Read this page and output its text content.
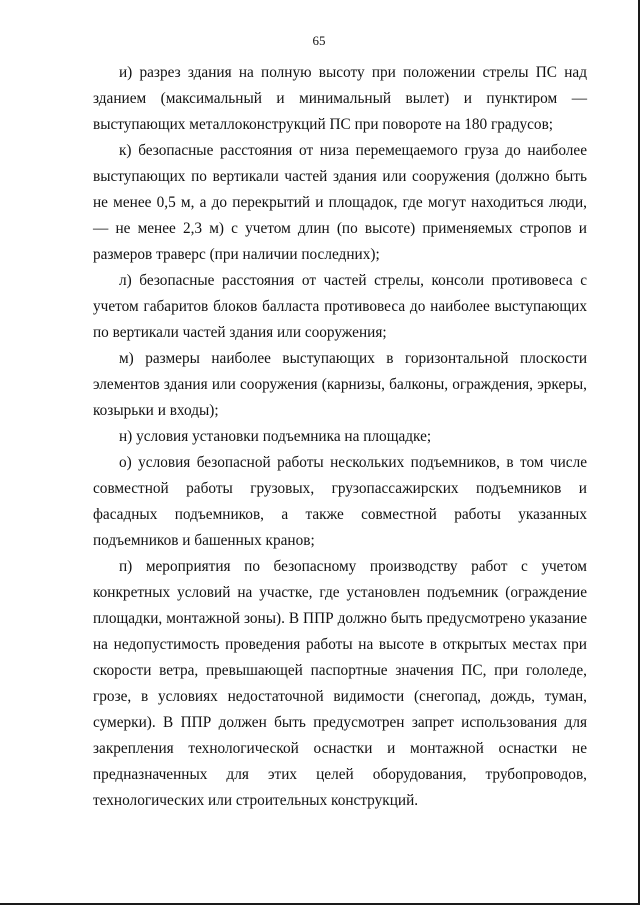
65

и) разрез здания на полную высоту при положении стрелы ПС над зданием (максимальный и минимальный вылет) и пунктиром — выступающих металлоконструкций ПС при повороте на 180 градусов;

к) безопасные расстояния от низа перемещаемого груза до наиболее выступающих по вертикали частей здания или сооружения (должно быть не менее 0,5 м, а до перекрытий и площадок, где могут находиться люди, — не менее 2,3 м) с учетом длин (по высоте) применяемых стропов и размеров траверс (при наличии последних);

л) безопасные расстояния от частей стрелы, консоли противовеса с учетом габаритов блоков балласта противовеса до наиболее выступающих по вертикали частей здания или сооружения;

м) размеры наиболее выступающих в горизонтальной плоскости элементов здания или сооружения (карнизы, балконы, ограждения, эркеры, козырьки и входы);

н) условия установки подъемника на площадке;

о) условия безопасной работы нескольких подъемников, в том числе совместной работы грузовых, грузопассажирских подъемников и фасадных подъемников, а также совместной работы указанных подъемников и башенных кранов;

п) мероприятия по безопасному производству работ с учетом конкретных условий на участке, где установлен подъемник (ограждение площадки, монтажной зоны). В ППР должно быть предусмотрено указание на недопустимость проведения работы на высоте в открытых местах при скорости ветра, превышающей паспортные значения ПС, при гололеде, грозе, в условиях недостаточной видимости (снегопад, дождь, туман, сумерки). В ППР должен быть предусмотрен запрет использования для закрепления технологической оснастки и монтажной оснастки не предназначенных для этих целей оборудования, трубопроводов, технологических или строительных конструкций.
